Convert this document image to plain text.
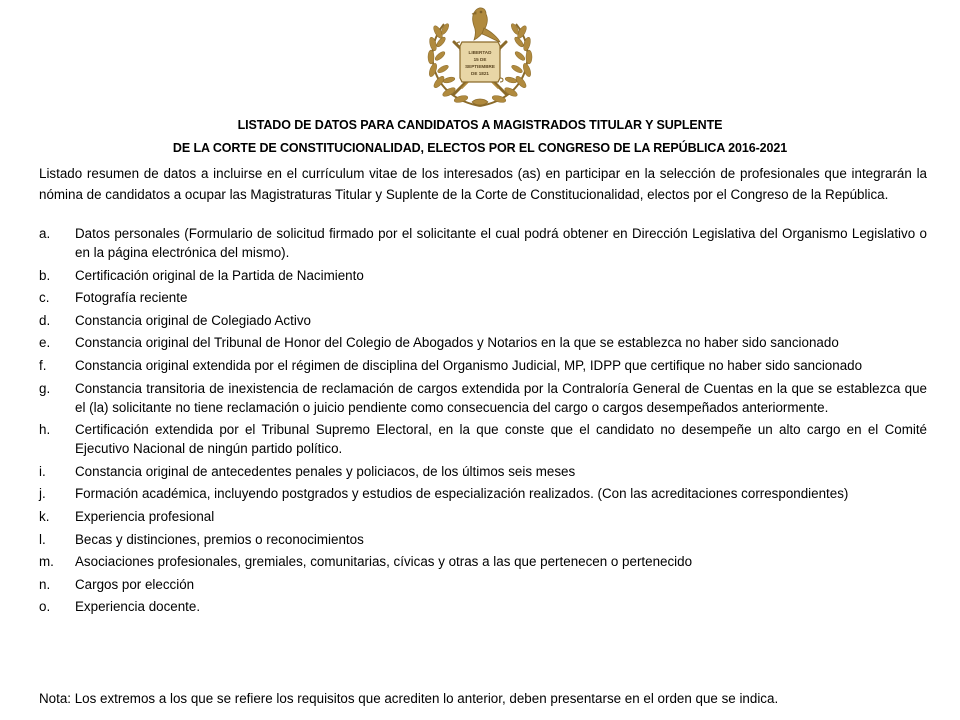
LIBERTAD
15 DE
SEPTIEMBRE
DE 1821
LISTADO DE DATOS PARA CANDIDATOS A MAGISTRADOS TITULAR Y SUPLENTE
DE LA CORTE DE CONSTITUCIONALIDAD, ELECTOS POR EL CONGRESO DE LA REPÚBLICA 2016-2021

Listado resumen de datos a incluirse en el currículum vitae de los interesados (as) en participar en la selección de profesionales que integrarán la nómina de candidatos a ocupar las Magistraturas Titular y Suplente de la Corte de Constitucionalidad, electos por el Congreso de la República.

a.	Datos personales (Formulario de solicitud firmado por el solicitante el cual podrá obtener en Dirección Legislativa del Organismo Legislativo o en la página electrónica del mismo).
b.	Certificación original de la Partida de Nacimiento
c.	Fotografía reciente
d.	Constancia original de Colegiado Activo
e.	Constancia original del Tribunal de Honor del Colegio de Abogados y Notarios en la que se establezca no haber sido sancionado
f.	Constancia original extendida por el régimen de disciplina del Organismo Judicial, MP, IDPP que certifique no haber sido sancionado
g.	Constancia transitoria de inexistencia de reclamación de cargos extendida por la Contraloría General de Cuentas en la que se establezca que el (la) solicitante no tiene reclamación o juicio pendiente como consecuencia del cargo o cargos desempeñados anteriormente.
h.	Certificación extendida por el Tribunal Supremo Electoral, en la que conste que el candidato no desempeñe un alto cargo en el Comité Ejecutivo Nacional de ningún partido político.
i.	Constancia original de antecedentes penales y policiacos, de los últimos seis meses
j.	Formación académica, incluyendo postgrados y estudios de especialización realizados. (Con las acreditaciones correspondientes)
k.	Experiencia profesional
l.	Becas y distinciones, premios o reconocimientos
m.	Asociaciones profesionales, gremiales, comunitarias, cívicas y otras a las que pertenecen o pertenecido
n.	Cargos por elección
o.	Experiencia docente.

Nota: Los extremos a los que se refiere los requisitos que acrediten lo anterior, deben presentarse en el orden que se indica.
